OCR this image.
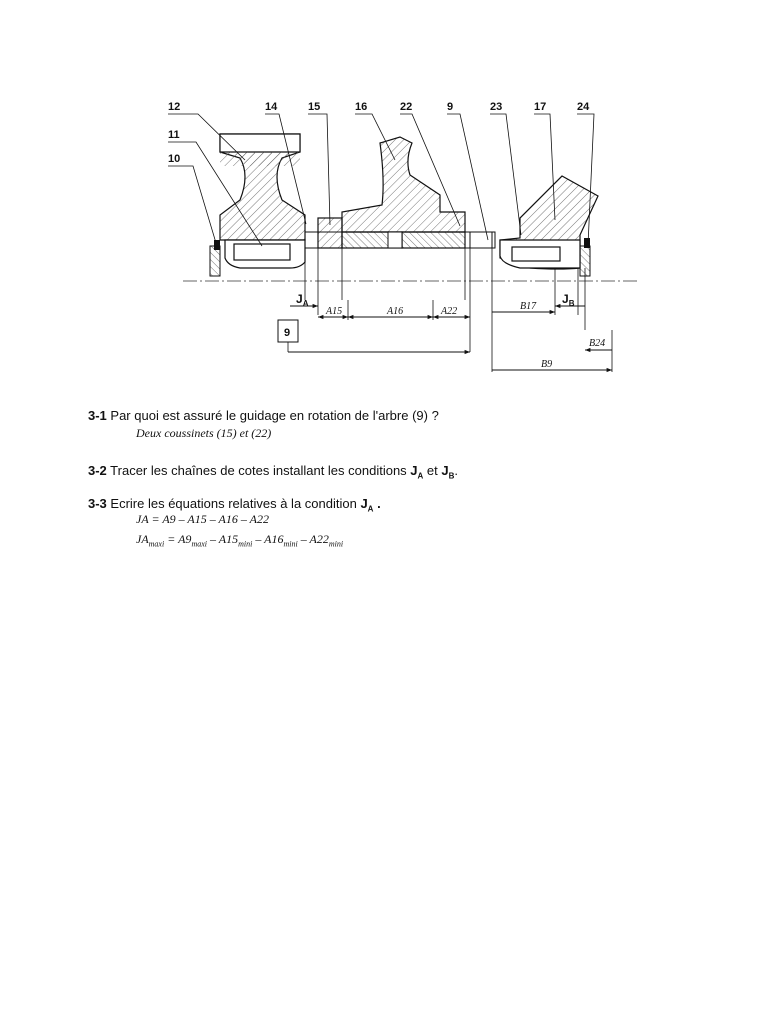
12	14	15	16	22	9	23	17	24
11
10
$J_A$	$J_B$
9
A15	A16	A22	B17
B24
B9
3-1 Par quoi est assuré le guidage en rotation de l'arbre (9) ?
Deux coussinets (15) et (22)
3-2 Tracer les chaînes de cotes installant les conditions $J_A$ et $J_B$.
3-3 Ecrire les équations relatives à la condition $J_A$ .
JA = A9 – A15 – A16 – A22
$JA_{maxi} = A9_{maxi} - A15_{mini} - A16_{mini} - A22_{mini}$
